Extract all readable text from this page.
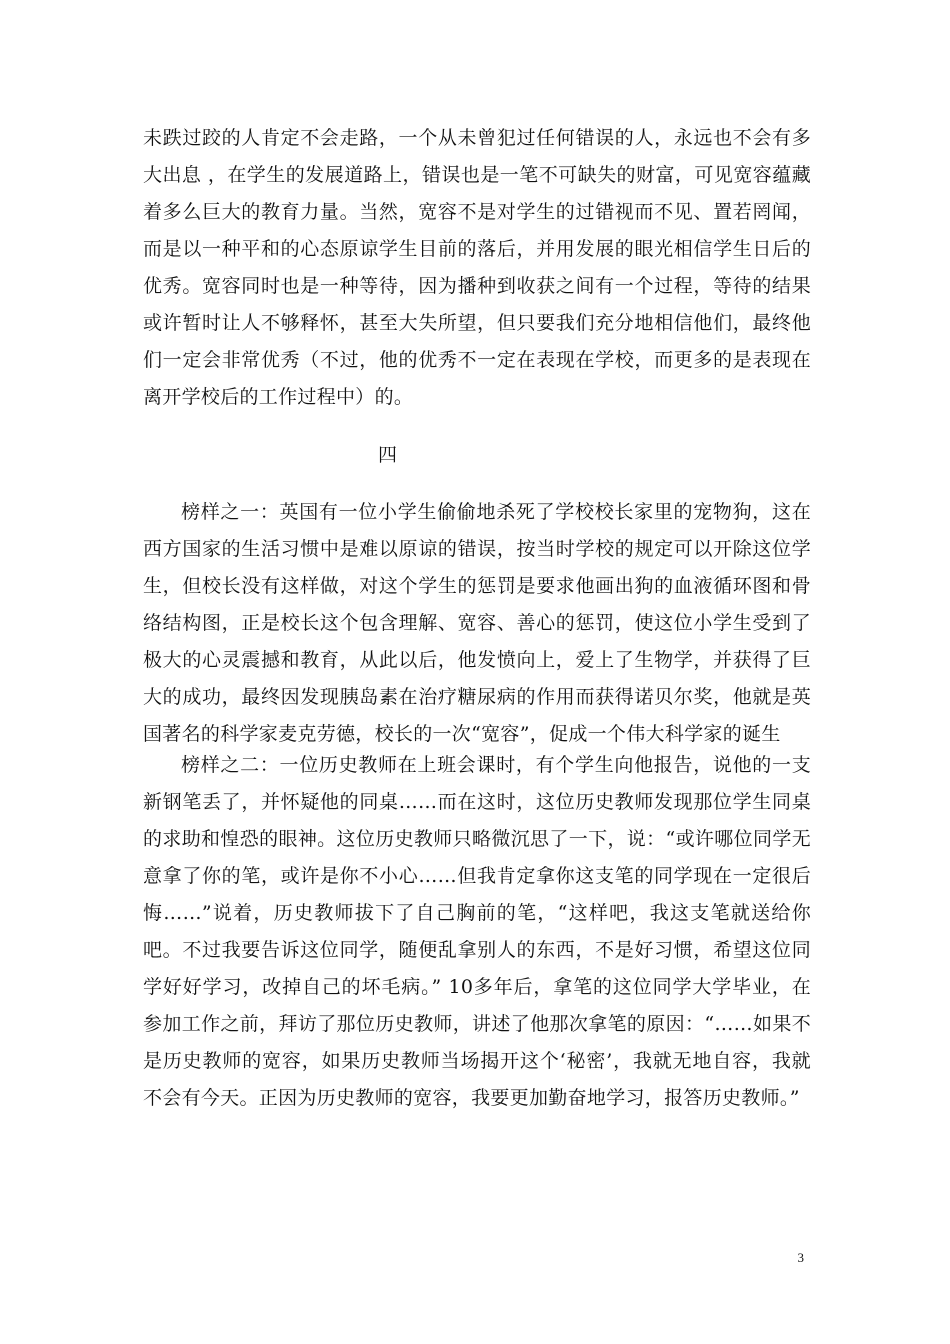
未跌过跤的人肯定不会走路，一个从未曾犯过任何错误的人，永远也不会有多大出息 ，在学生的发展道路上，错误也是一笔不可缺失的财富，可见宽容蕴藏着多么巨大的教育力量。当然，宽容不是对学生的过错视而不见、置若罔闻，而是以一种平和的心态原谅学生目前的落后，并用发展的眼光相信学生日后的优秀。宽容同时也是一种等待，因为播种到收获之间有一个过程，等待的结果或许暂时让人不够释怀，甚至大失所望，但只要我们充分地相信他们，最终他们一定会非常优秀（不过，他的优秀不一定在表现在学校，而更多的是表现在离开学校后的工作过程中）的。

四

榜样之一：英国有一位小学生偷偷地杀死了学校校长家里的宠物狗，这在西方国家的生活习惯中是难以原谅的错误，按当时学校的规定可以开除这位学生，但校长没有这样做，对这个学生的惩罚是要求他画出狗的血液循环图和骨络结构图，正是校长这个包含理解、宽容、善心的惩罚，使这位小学生受到了极大的心灵震撼和教育，从此以后，他发愤向上，爱上了生物学，并获得了巨大的成功，最终因发现胰岛素在治疗糖尿病的作用而获得诺贝尔奖，他就是英国著名的科学家麦克劳德，校长的一次“宽容”，促成一个伟大科学家的诞生

榜样之二：一位历史教师在上班会课时，有个学生向他报告，说他的一支新钢笔丢了，并怀疑他的同桌……而在这时，这位历史教师发现那位学生同桌的求助和惶恐的眼神。这位历史教师只略微沉思了一下，说：“或许哪位同学无意拿了你的笔，或许是你不小心……但我肯定拿你这支笔的同学现在一定很后悔……”说着，历史教师拔下了自己胸前的笔，“这样吧，我这支笔就送给你吧。不过我要告诉这位同学，随便乱拿别人的东西，不是好习惯，希望这位同学好好学习，改掉自己的坏毛病。” 10多年后，拿笔的这位同学大学毕业，在参加工作之前，拜访了那位历史教师，讲述了他那次拿笔的原因：“……如果不是历史教师的宽容，如果历史教师当场揭开这个‘秘密’，我就无地自容，我就不会有今天。正因为历史教师的宽容，我要更加勤奋地学习，报答历史教师。”

3
